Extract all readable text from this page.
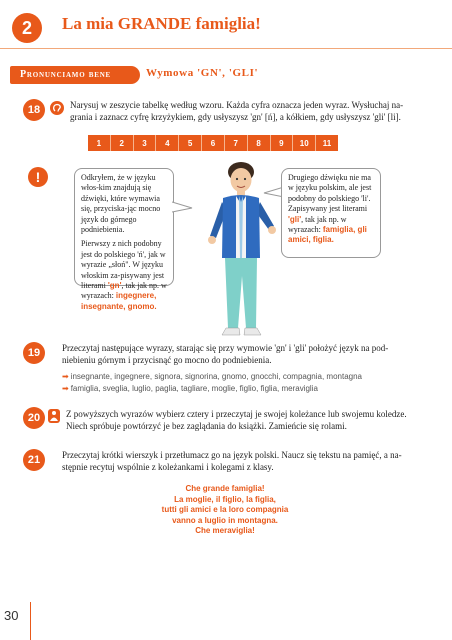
2	La mia GRANDE famiglia!
Pronunciamo bene	Wymowa 'GN', 'GLI'
18	Narysuj w zeszycie tabelkę według wzoru. Każda cyfra oznacza jeden wyraz. Wysłuchaj na-
grania i zaznacz cyfrę krzyżykiem, gdy usłyszysz 'gn' [ń], a kółkiem, gdy usłyszysz 'gli' [li].
1	2	3	4	5	6	7	8	9	10	11
!	Odkryłem, że w języku włos-kim znajdują się dźwięki, które wymawia się, przyciska-jąc mocno język do górnego podniebienia.
Pierwszy z nich podobny jest do polskiego 'ń', jak w wyrazie „słoń". W języku włoskim za-pisywany jest literami 'gn', tak jak np. w wyrazach: ingegnere, insegnante, gnomo.
Drugiego dźwięku nie ma w języku polskim, ale jest podobny do polskiego 'li'. Zapisywany jest literami 'gli', tak jak np. w wyrazach: famiglia, gli amici, figlia.
19	Przeczytaj następujące wyrazy, starając się przy wymowie 'gn' i 'gli' położyć język na pod-
niebieniu górnym i przycisnąć go mocno do podniebienia.
➡ insegnante, ingegnere, signora, signorina, gnomo, gnocchi, compagnia, montagna
➡ famiglia, sveglia, luglio, paglia, tagliare, moglie, figlio, figlia, meraviglia
20	Z powyższych wyrazów wybierz cztery i przeczytaj je swojej koleżance lub swojemu koledze.
Niech spróbuje powtórzyć je bez zaglądania do książki. Zamieńcie się rolami.
21	Przeczytaj krótki wierszyk i przetłumacz go na język polski. Naucz się tekstu na pamięć, a na-
stępnie recytuj wspólnie z koleżankami i kolegami z klasy.
Che grande famiglia!
La moglie, il figlio, la figlia,
tutti gli amici e la loro compagnia
vanno a luglio in montagna.
Che meraviglia!
30
